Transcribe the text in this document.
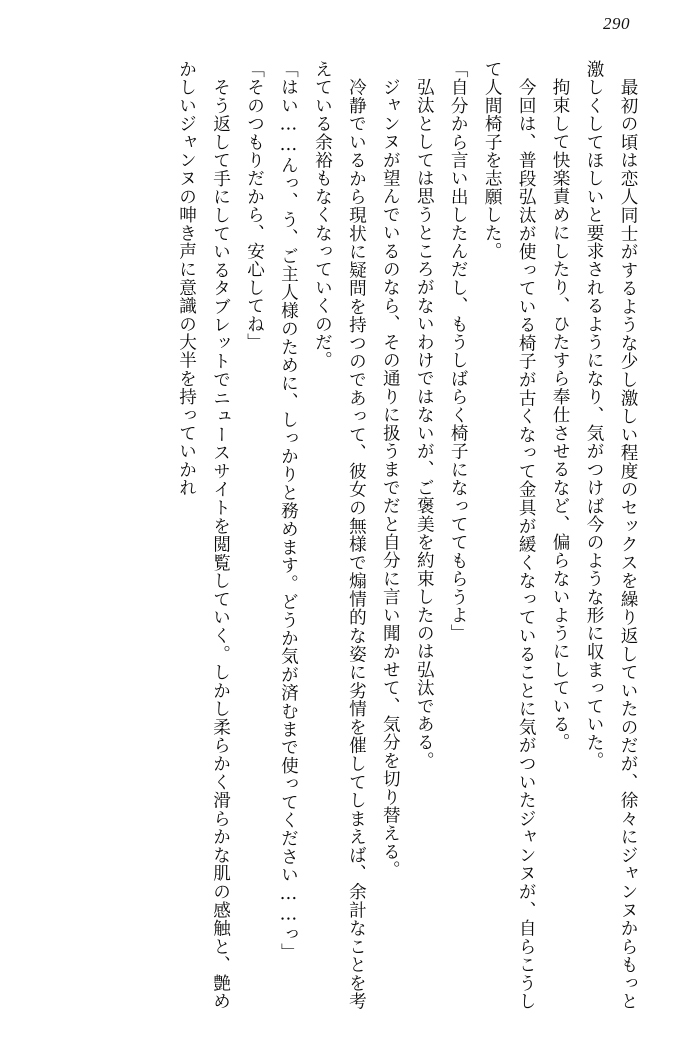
290

最初の頃は恋人同士がするような少し激しい程度のセックスを繰り返していたのだが、徐々にジャンヌからもっと激しくしてほしいと要求されるようになり、気がつけば今のような形に収まっていた。

拘束して快楽責めにしたり、ひたすら奉仕させるなど、偏らないようにしている。

今回は、普段弘汰が使っている椅子が古くなって金具が緩くなっていることに気がついたジャンヌが、自らこうして人間椅子を志願した。

「自分から言い出したんだし、もうしばらく椅子になっててもらうよ」

弘汰としては思うところがないわけではないが、ご褒美を約束したのは弘汰である。

ジャンヌが望んでいるのなら、その通りに扱うまでだと自分に言い聞かせて、気分を切り替える。

冷静でいるから現状に疑問を持つのであって、彼女の無様で煽情的な姿に劣情を催してしまえば、余計なことを考えている余裕もなくなっていくのだ。

「はい……んっ、う、ご主人様のために、しっかりと務めます。どうか気が済むまで使ってください……っ」

「そのつもりだから、安心してね」

そう返して手にしているタブレットでニュースサイトを閲覧していく。しかし柔らかく滑らかな肌の感触と、艶めかしいジャンヌの呻き声に意識の大半を持っていかれ
